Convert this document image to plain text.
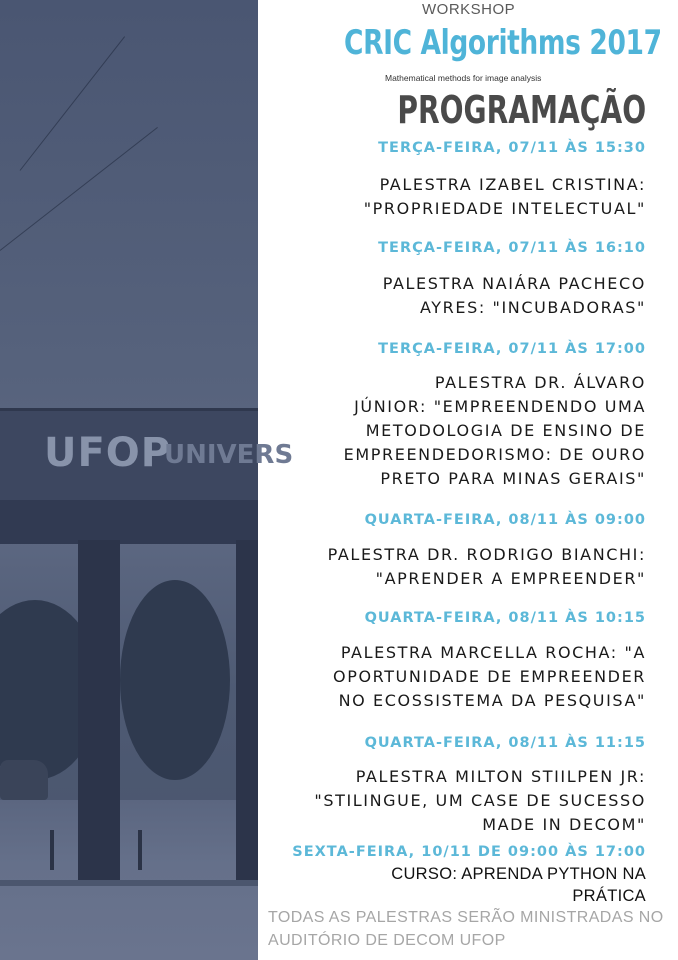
UFOP
UNIVERS
WORKSHOP
CRIC Algorithms 2017
Mathematical methods for image analysis
PROGRAMAÇÃO
TERÇA-FEIRA, 07/11 ÀS 15:30
PALESTRA IZABEL CRISTINA:
"PROPRIEDADE INTELECTUAL"
TERÇA-FEIRA, 07/11 ÀS 16:10
PALESTRA NAIÁRA PACHECO
AYRES: "INCUBADORAS"
TERÇA-FEIRA, 07/11 ÀS 17:00
PALESTRA DR. ÁLVARO
JÚNIOR: "EMPREENDENDO UMA
METODOLOGIA DE ENSINO DE
EMPREENDEDORISMO: DE OURO
PRETO PARA MINAS GERAIS"
QUARTA-FEIRA, 08/11 ÀS 09:00
PALESTRA DR. RODRIGO BIANCHI:
"APRENDER A EMPREENDER"
QUARTA-FEIRA, 08/11 ÀS 10:15
PALESTRA MARCELLA ROCHA: "A
OPORTUNIDADE DE EMPREENDER
NO ECOSSISTEMA DA PESQUISA"
QUARTA-FEIRA, 08/11 ÀS 11:15
PALESTRA MILTON STIILPEN JR:
"STILINGUE, UM CASE DE SUCESSO
MADE IN DECOM"
SEXTA-FEIRA, 10/11 DE 09:00 ÀS 17:00
CURSO: APRENDA PYTHON NA
PRÁTICA
TODAS AS PALESTRAS SERÃO MINISTRADAS NO
AUDITÓRIO DE DECOM UFOP
